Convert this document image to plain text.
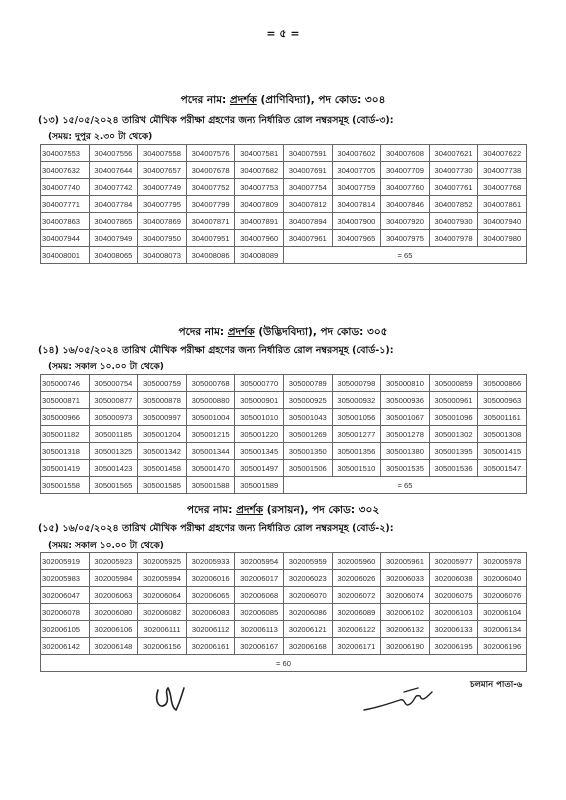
= ৫ =
পদের নাম: প্রদর্শক (প্রাণিবিদ্যা), পদ কোড: ৩০৪
(১৩) ১৫/০৫/২০২৪ তারিখ মৌখিক পরীক্ষা গ্রহণের জন্য নির্ধারিত রোল নম্বরসমূহ (বোর্ড-৩):
(সময়: দুপুর ২.৩০ টা থেকে)
304007553	304007556	304007558	304007576	304007581	304007591	304007602	304007608	304007621	304007622
304007632	304007644	304007657	304007678	304007682	304007691	304007705	304007709	304007730	304007738
304007740	304007742	304007749	304007752	304007753	304007754	304007759	304007760	304007761	304007768
304007771	304007784	304007795	304007799	304007809	304007812	304007814	304007846	304007852	304007861
304007863	304007865	304007869	304007871	304007891	304007894	304007900	304007920	304007930	304007940
304007944	304007949	304007950	304007951	304007960	304007961	304007965	304007975	304007978	304007980
304008001	304008065	304008073	304008086	304008089	= 65				
পদের নাম: প্রদর্শক (উদ্ভিদবিদ্যা), পদ কোড: ৩০৫
(১৪) ১৬/০৫/২০২৪ তারিখ মৌখিক পরীক্ষা গ্রহণের জন্য নির্ধারিত রোল নম্বরসমূহ (বোর্ড-১):
(সময়: সকাল ১০.০০ টা থেকে)
305000746	305000754	305000759	305000768	305000770	305000789	305000798	305000810	305000859	305000866
305000871	305000877	305000878	305000880	305000901	305000925	305000932	305000936	305000961	305000963
305000966	305000973	305000997	305001004	305001010	305001043	305001056	305001067	305001096	305001161
305001182	305001185	305001204	305001215	305001220	305001269	305001277	305001278	305001302	305001308
305001318	305001325	305001342	305001344	305001345	305001350	305001356	305001380	305001395	305001415
305001419	305001423	305001458	305001470	305001497	305001506	305001510	305001535	305001536	305001547
305001558	305001565	305001585	305001588	305001589	= 65				
পদের নাম: প্রদর্শক (রসায়ন), পদ কোড: ৩০২
(১৫) ১৬/০৫/২০২৪ তারিখ মৌখিক পরীক্ষা গ্রহণের জন্য নির্ধারিত রোল নম্বরসমূহ (বোর্ড-২):
(সময়: সকাল ১০.০০ টা থেকে)
302005919	302005923	302005925	302005933	302005954	302005959	302005960	302005961	302005977	302005978
302005983	302005984	302005994	302006016	302006017	302006023	302006026	302006033	302006038	302006040
302006047	302006063	302006064	302006065	302006068	302006070	302006072	302006074	302006075	302006076
302006078	302006080	302006082	302006083	302006085	302006086	302006089	302006102	302006103	302006104
302006105	302006106	302006111	302006112	302006113	302006121	302006122	302006132	302006133	302006134
302006142	302006148	302006156	302006161	302006167	302006168	302006171	302006190	302006195	302006196
= 60									
চলমান পাতা-৬
